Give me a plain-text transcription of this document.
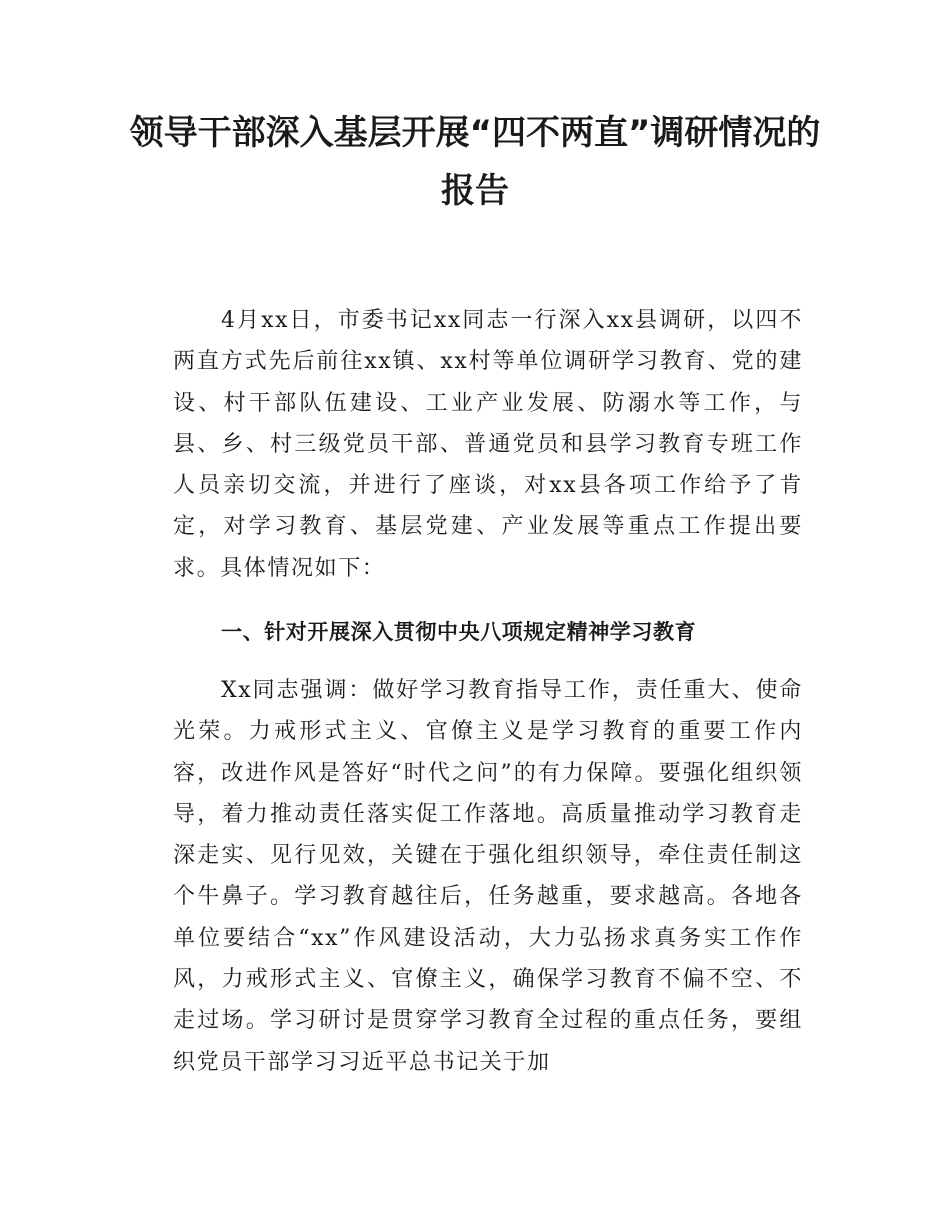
领导干部深入基层开展“四不两直”调研情况的报告

4月xx日，市委书记xx同志一行深入xx县调研，以四不两直方式先后前往xx镇、xx村等单位调研学习教育、党的建设、村干部队伍建设、工业产业发展、防溺水等工作，与县、乡、村三级党员干部、普通党员和县学习教育专班工作人员亲切交流，并进行了座谈，对xx县各项工作给予了肯定，对学习教育、基层党建、产业发展等重点工作提出要求。具体情况如下：

一、针对开展深入贯彻中央八项规定精神学习教育

Xx同志强调：做好学习教育指导工作，责任重大、使命光荣。力戒形式主义、官僚主义是学习教育的重要工作内容，改进作风是答好“时代之问”的有力保障。要强化组织领导，着力推动责任落实促工作落地。高质量推动学习教育走深走实、见行见效，关键在于强化组织领导，牵住责任制这个牛鼻子。学习教育越往后，任务越重，要求越高。各地各单位要结合“xx”作风建设活动，大力弘扬求真务实工作作风，力戒形式主义、官僚主义，确保学习教育不偏不空、不走过场。学习研讨是贯穿学习教育全过程的重点任务，要组织党员干部学习习近平总书记关于加
